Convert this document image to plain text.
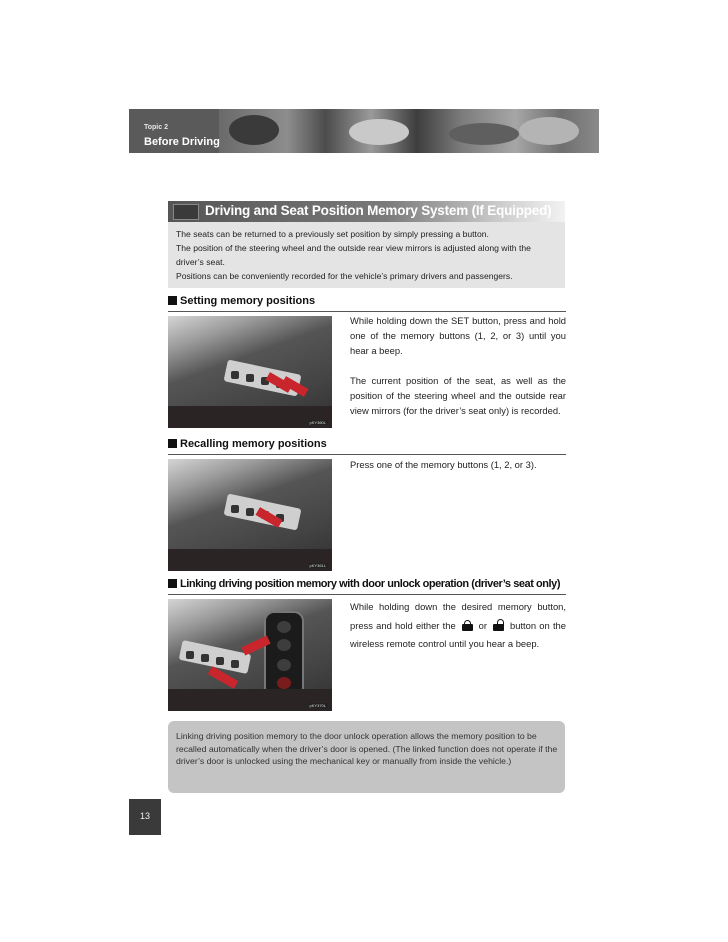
Topic 2
Before Driving
Driving and Seat Position Memory System (If Equipped)

The seats can be returned to a previously set position by simply pressing a button.

The position of the steering wheel and the outside rear view mirrors is adjusted along with the

driver’s seat.

Positions can be conveniently recorded for the vehicle’s primary drivers and passengers.

Setting memory positions
pKY360L

While holding down the SET button, press and hold one of the memory buttons (1, 2, or 3) until you hear a beep.

The current position of the seat, as well as the position of the steering wheel and the outside rear view mirrors (for the driver’s seat only) is recorded.

Recalling memory positions
pKY361L

Press one of the memory buttons (1, 2, or 3).

Linking driving position memory with door unlock operation (driver’s seat only)
pKY370L

While holding down the desired memory button, press and hold either the or button on the wireless remote control until you hear a beep.

Linking driving position memory to the door unlock operation allows the memory position to be recalled automatically when the driver’s door is opened. (The linked function does not operate if the driver’s door is unlocked using the mechanical key or manually from inside the vehicle.)

13
